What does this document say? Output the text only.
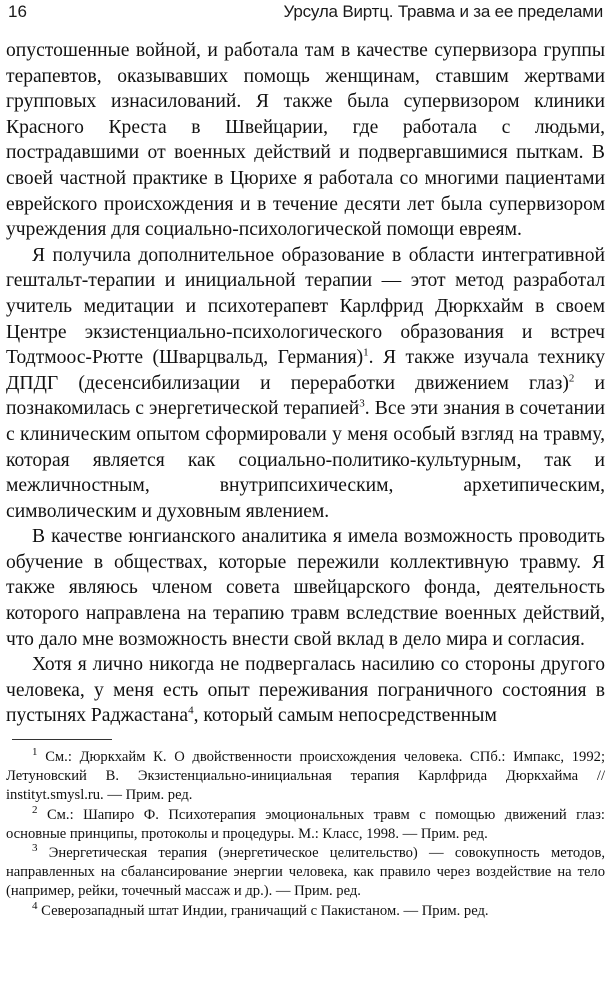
16	Урсула Виртц. Травма и за ее пределами

опустошенные войной, и работала там в качестве супервизора группы терапевтов, оказывавших помощь женщинам, ставшим жертвами групповых изнасилований. Я также была супервизором клиники Красного Креста в Швейцарии, где работала с людьми, пострадавшими от военных действий и подвергавшимися пыткам. В своей частной практике в Цюрихе я работала со многими пациентами еврейского происхождения и в течение десяти лет была супервизором учреждения для социально-психологической помощи евреям.

Я получила дополнительное образование в области интегративной гештальт-терапии и инициальной терапии — этот метод разработал учитель медитации и психотерапевт Карлфрид Дюркхайм в своем Центре экзистенциально-психологического образования и встреч Тодтмоос-Рютте (Шварцвальд, Германия)$^1$. Я также изучала технику ДПДГ (десенсибилизации и переработки движением глаз)$^2$ и познакомилась с энергетической терапией$^3$. Все эти знания в сочетании с клиническим опытом сформировали у меня особый взгляд на травму, которая является как социально-политико-культурным, так и межличностным, внутрипсихическим, архетипическим, символическим и духовным явлением.

В качестве юнгианского аналитика я имела возможность проводить обучение в обществах, которые пережили коллективную травму. Я также являюсь членом совета швейцарского фонда, деятельность которого направлена на терапию травм вследствие военных действий, что дало мне возможность внести свой вклад в дело мира и согласия.

Хотя я лично никогда не подвергалась насилию со стороны другого человека, у меня есть опыт переживания пограничного состояния в пустынях Раджастана$^4$, который самым непосредственным

$^1$ См.: Дюркхайм К. О двойственности происхождения человека. СПб.: Импакс, 1992; Летуновский В. Экзистенциально-инициальная терапия Карлфрида Дюркхайма // instityt.smysl.ru. — Прим. ред.

$^2$ См.: Шапиро Ф. Психотерапия эмоциональных травм с помощью движений глаз: основные принципы, протоколы и процедуры. М.: Класс, 1998. — Прим. ред.

$^3$ Энергетическая терапия (энергетическое целительство) — совокупность методов, направленных на сбалансирование энергии человека, как правило через воздействие на тело (например, рейки, точечный массаж и др.). — Прим. ред.

$^4$ Северозападный штат Индии, граничащий с Пакистаном. — Прим. ред.
